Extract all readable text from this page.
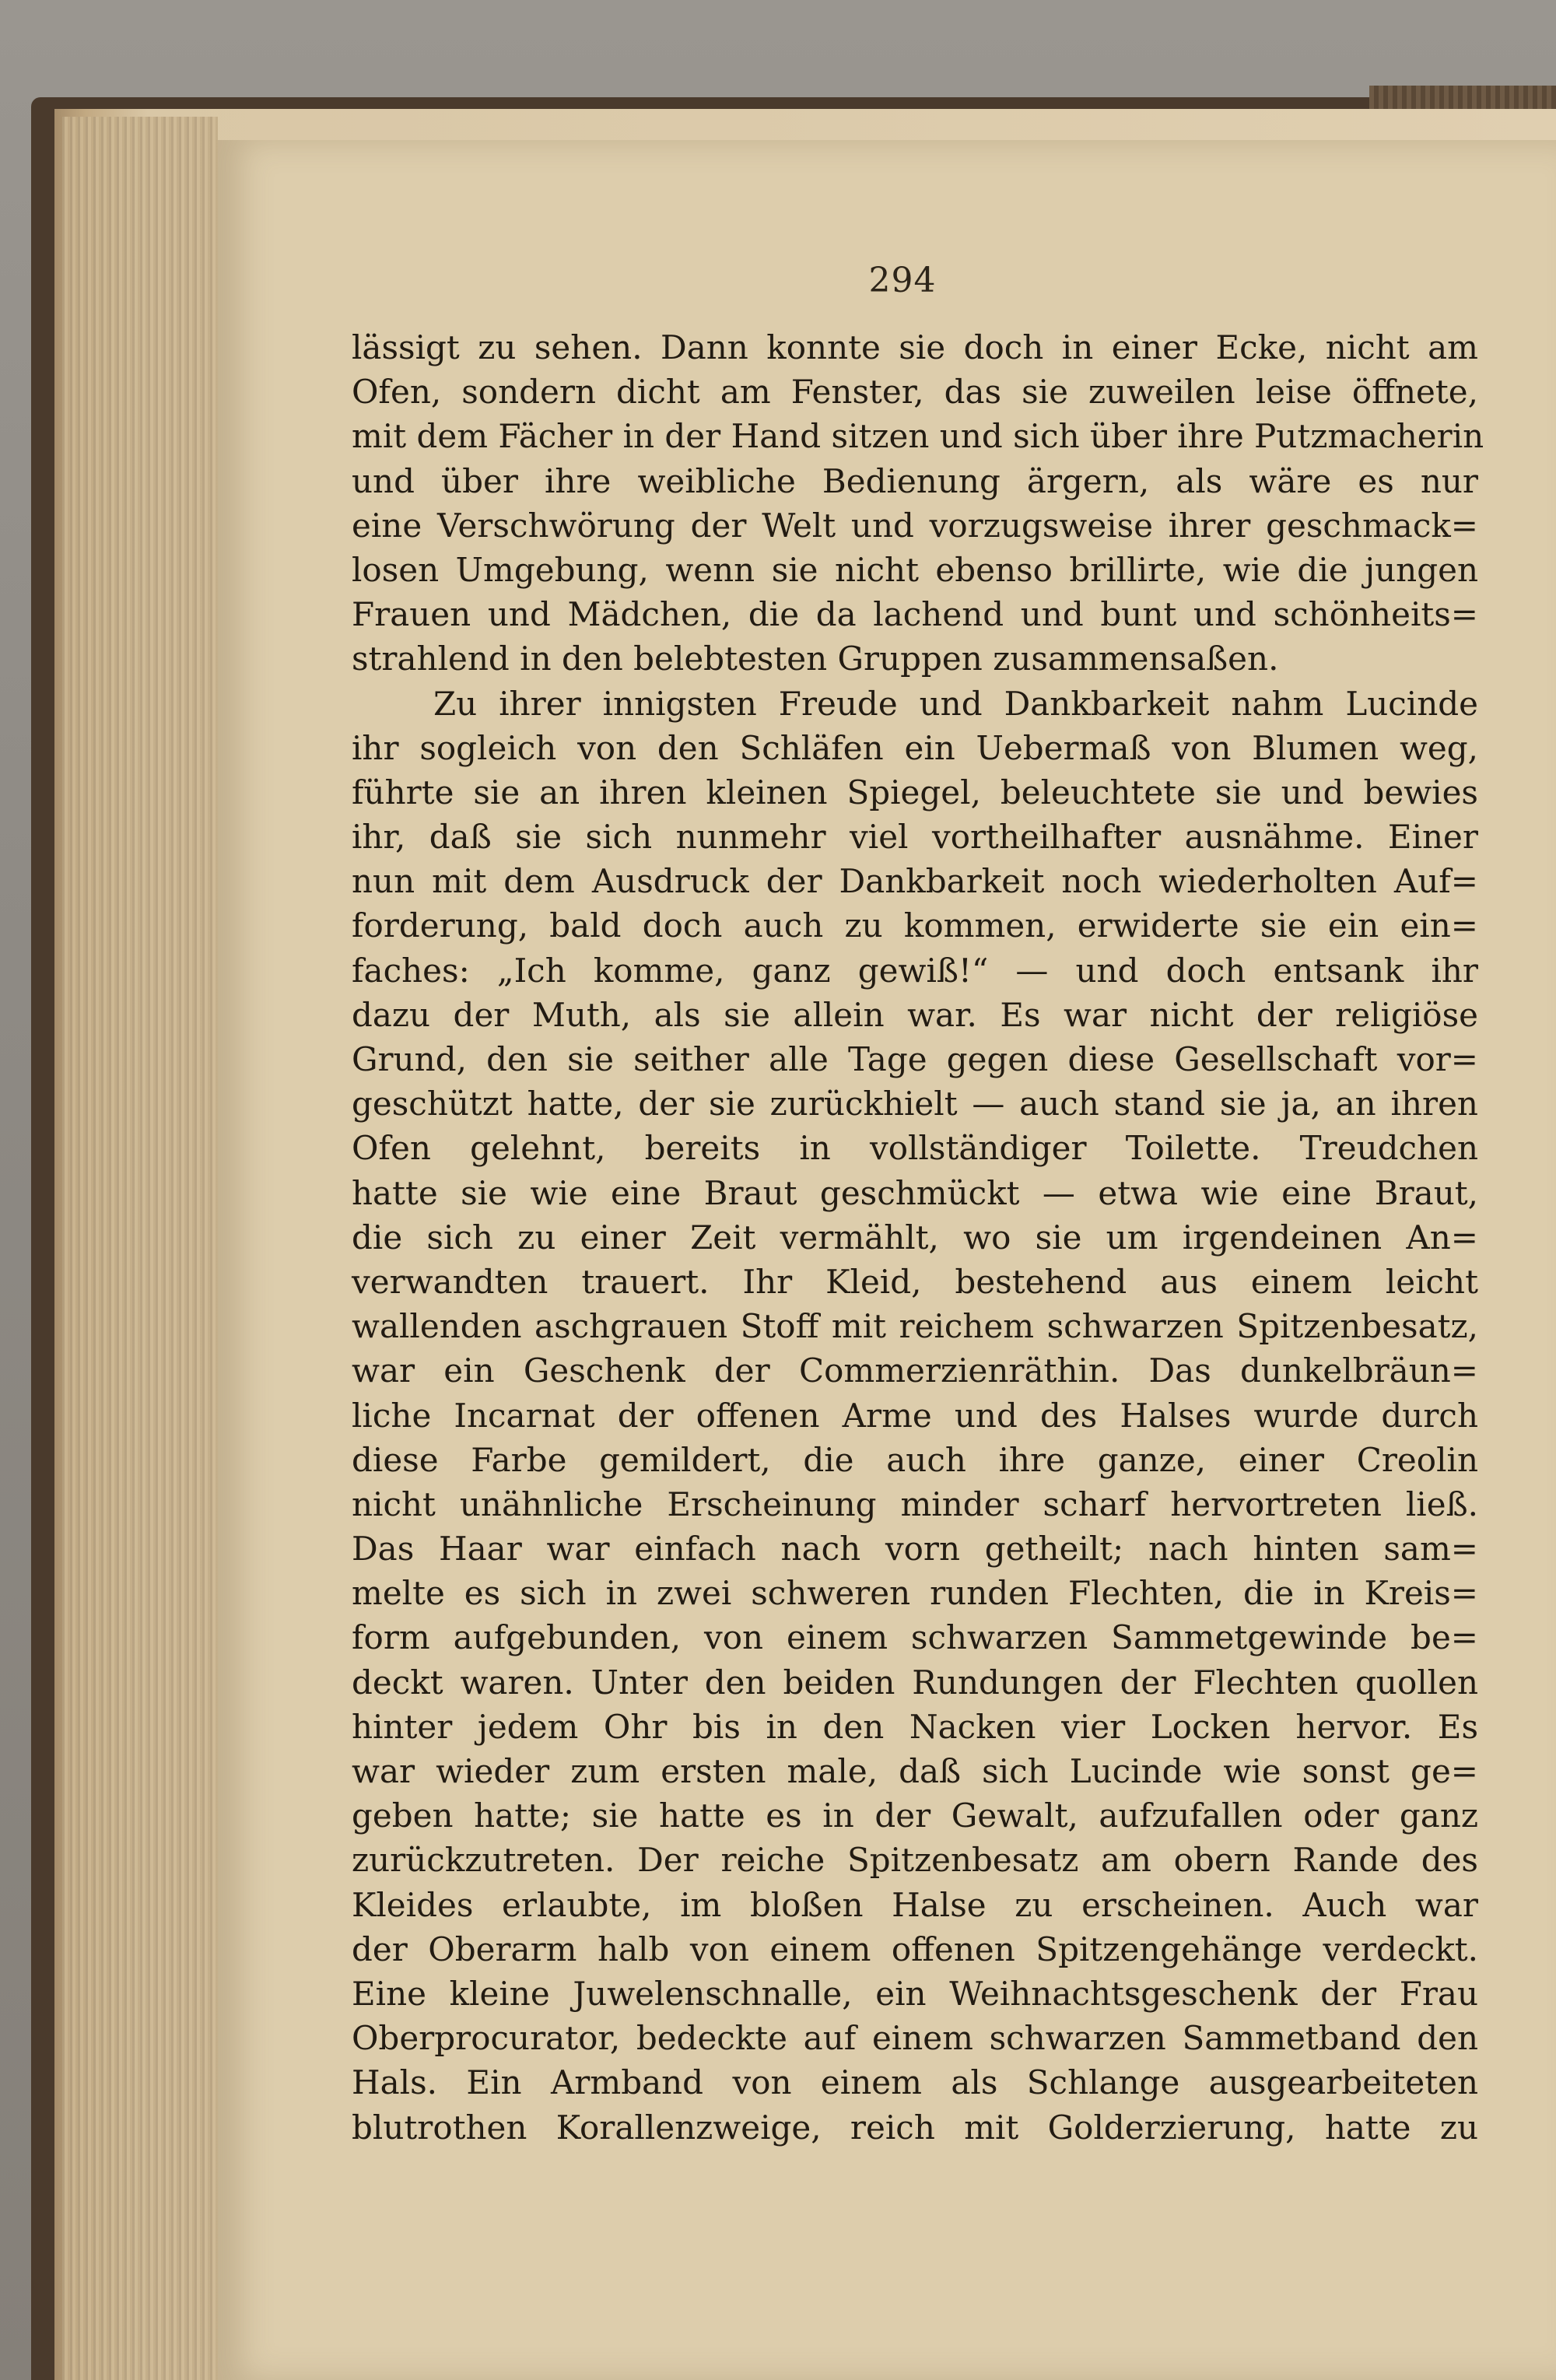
294
lässigt zu sehen. Dann konnte sie doch in einer Ecke, nicht am
Ofen, sondern dicht am Fenster, das sie zuweilen leise öffnete,
mit dem Fächer in der Hand sitzen und sich über ihre Putzmacherin
und über ihre weibliche Bedienung ärgern, als wäre es nur
eine Verschwörung der Welt und vorzugsweise ihrer geschmack=
losen Umgebung, wenn sie nicht ebenso brillirte, wie die jungen
Frauen und Mädchen, die da lachend und bunt und schönheits=
strahlend in den belebtesten Gruppen zusammensaßen.
Zu ihrer innigsten Freude und Dankbarkeit nahm Lucinde
ihr sogleich von den Schläfen ein Uebermaß von Blumen weg,
führte sie an ihren kleinen Spiegel, beleuchtete sie und bewies
ihr, daß sie sich nunmehr viel vortheilhafter ausnähme. Einer
nun mit dem Ausdruck der Dankbarkeit noch wiederholten Auf=
forderung, bald doch auch zu kommen, erwiderte sie ein ein=
faches: „Ich komme, ganz gewiß!“ — und doch entsank ihr
dazu der Muth, als sie allein war. Es war nicht der religiöse
Grund, den sie seither alle Tage gegen diese Gesellschaft vor=
geschützt hatte, der sie zurückhielt — auch stand sie ja, an ihren
Ofen gelehnt, bereits in vollständiger Toilette. Treudchen
hatte sie wie eine Braut geschmückt — etwa wie eine Braut,
die sich zu einer Zeit vermählt, wo sie um irgendeinen An=
verwandten trauert. Ihr Kleid, bestehend aus einem leicht
wallenden aschgrauen Stoff mit reichem schwarzen Spitzenbesatz,
war ein Geschenk der Commerzienräthin. Das dunkelbräun=
liche Incarnat der offenen Arme und des Halses wurde durch
diese Farbe gemildert, die auch ihre ganze, einer Creolin
nicht unähnliche Erscheinung minder scharf hervortreten ließ.
Das Haar war einfach nach vorn getheilt; nach hinten sam=
melte es sich in zwei schweren runden Flechten, die in Kreis=
form aufgebunden, von einem schwarzen Sammetgewinde be=
deckt waren. Unter den beiden Rundungen der Flechten quollen
hinter jedem Ohr bis in den Nacken vier Locken hervor. Es
war wieder zum ersten male, daß sich Lucinde wie sonst ge=
geben hatte; sie hatte es in der Gewalt, aufzufallen oder ganz
zurückzutreten. Der reiche Spitzenbesatz am obern Rande des
Kleides erlaubte, im bloßen Halse zu erscheinen. Auch war
der Oberarm halb von einem offenen Spitzengehänge verdeckt.
Eine kleine Juwelenschnalle, ein Weihnachtsgeschenk der Frau
Oberprocurator, bedeckte auf einem schwarzen Sammetband den
Hals. Ein Armband von einem als Schlange ausgearbeiteten
blutrothen Korallenzweige, reich mit Golderzierung, hatte zu
